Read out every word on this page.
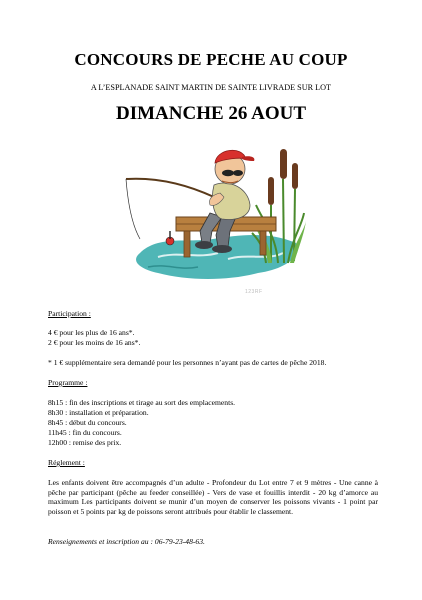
CONCOURS DE PECHE AU COUP
A L’ESPLANADE SAINT MARTIN DE SAINTE LIVRADE SUR LOT
DIMANCHE 26 AOUT
123RF
Participation :
4 € pour les plus de 16 ans*.
2 € pour les moins de 16 ans*.
* 1 € supplémentaire sera demandé pour les personnes n’ayant pas de cartes de pêche 2018.
Programme :
8h15 : fin des inscriptions et tirage au sort des emplacements.
8h30 : installation et préparation.
8h45 : début du concours.
11h45 : fin du concours.
12h00 : remise des prix.
Réglement :
Les enfants doivent être accompagnés d’un adulte - Profondeur du Lot entre 7 et 9 mètres - Une canne à pêche par participant (pêche au feeder conseillée) - Vers de vase et fouillis interdit - 20 kg d’amorce au maximum Les participants doivent se munir d’un moyen de conserver les poissons vivants - 1 point par poisson et 5 points par kg de poissons seront attribués pour établir le classement.
Renseignements et inscription au : 06-79-23-48-63.
